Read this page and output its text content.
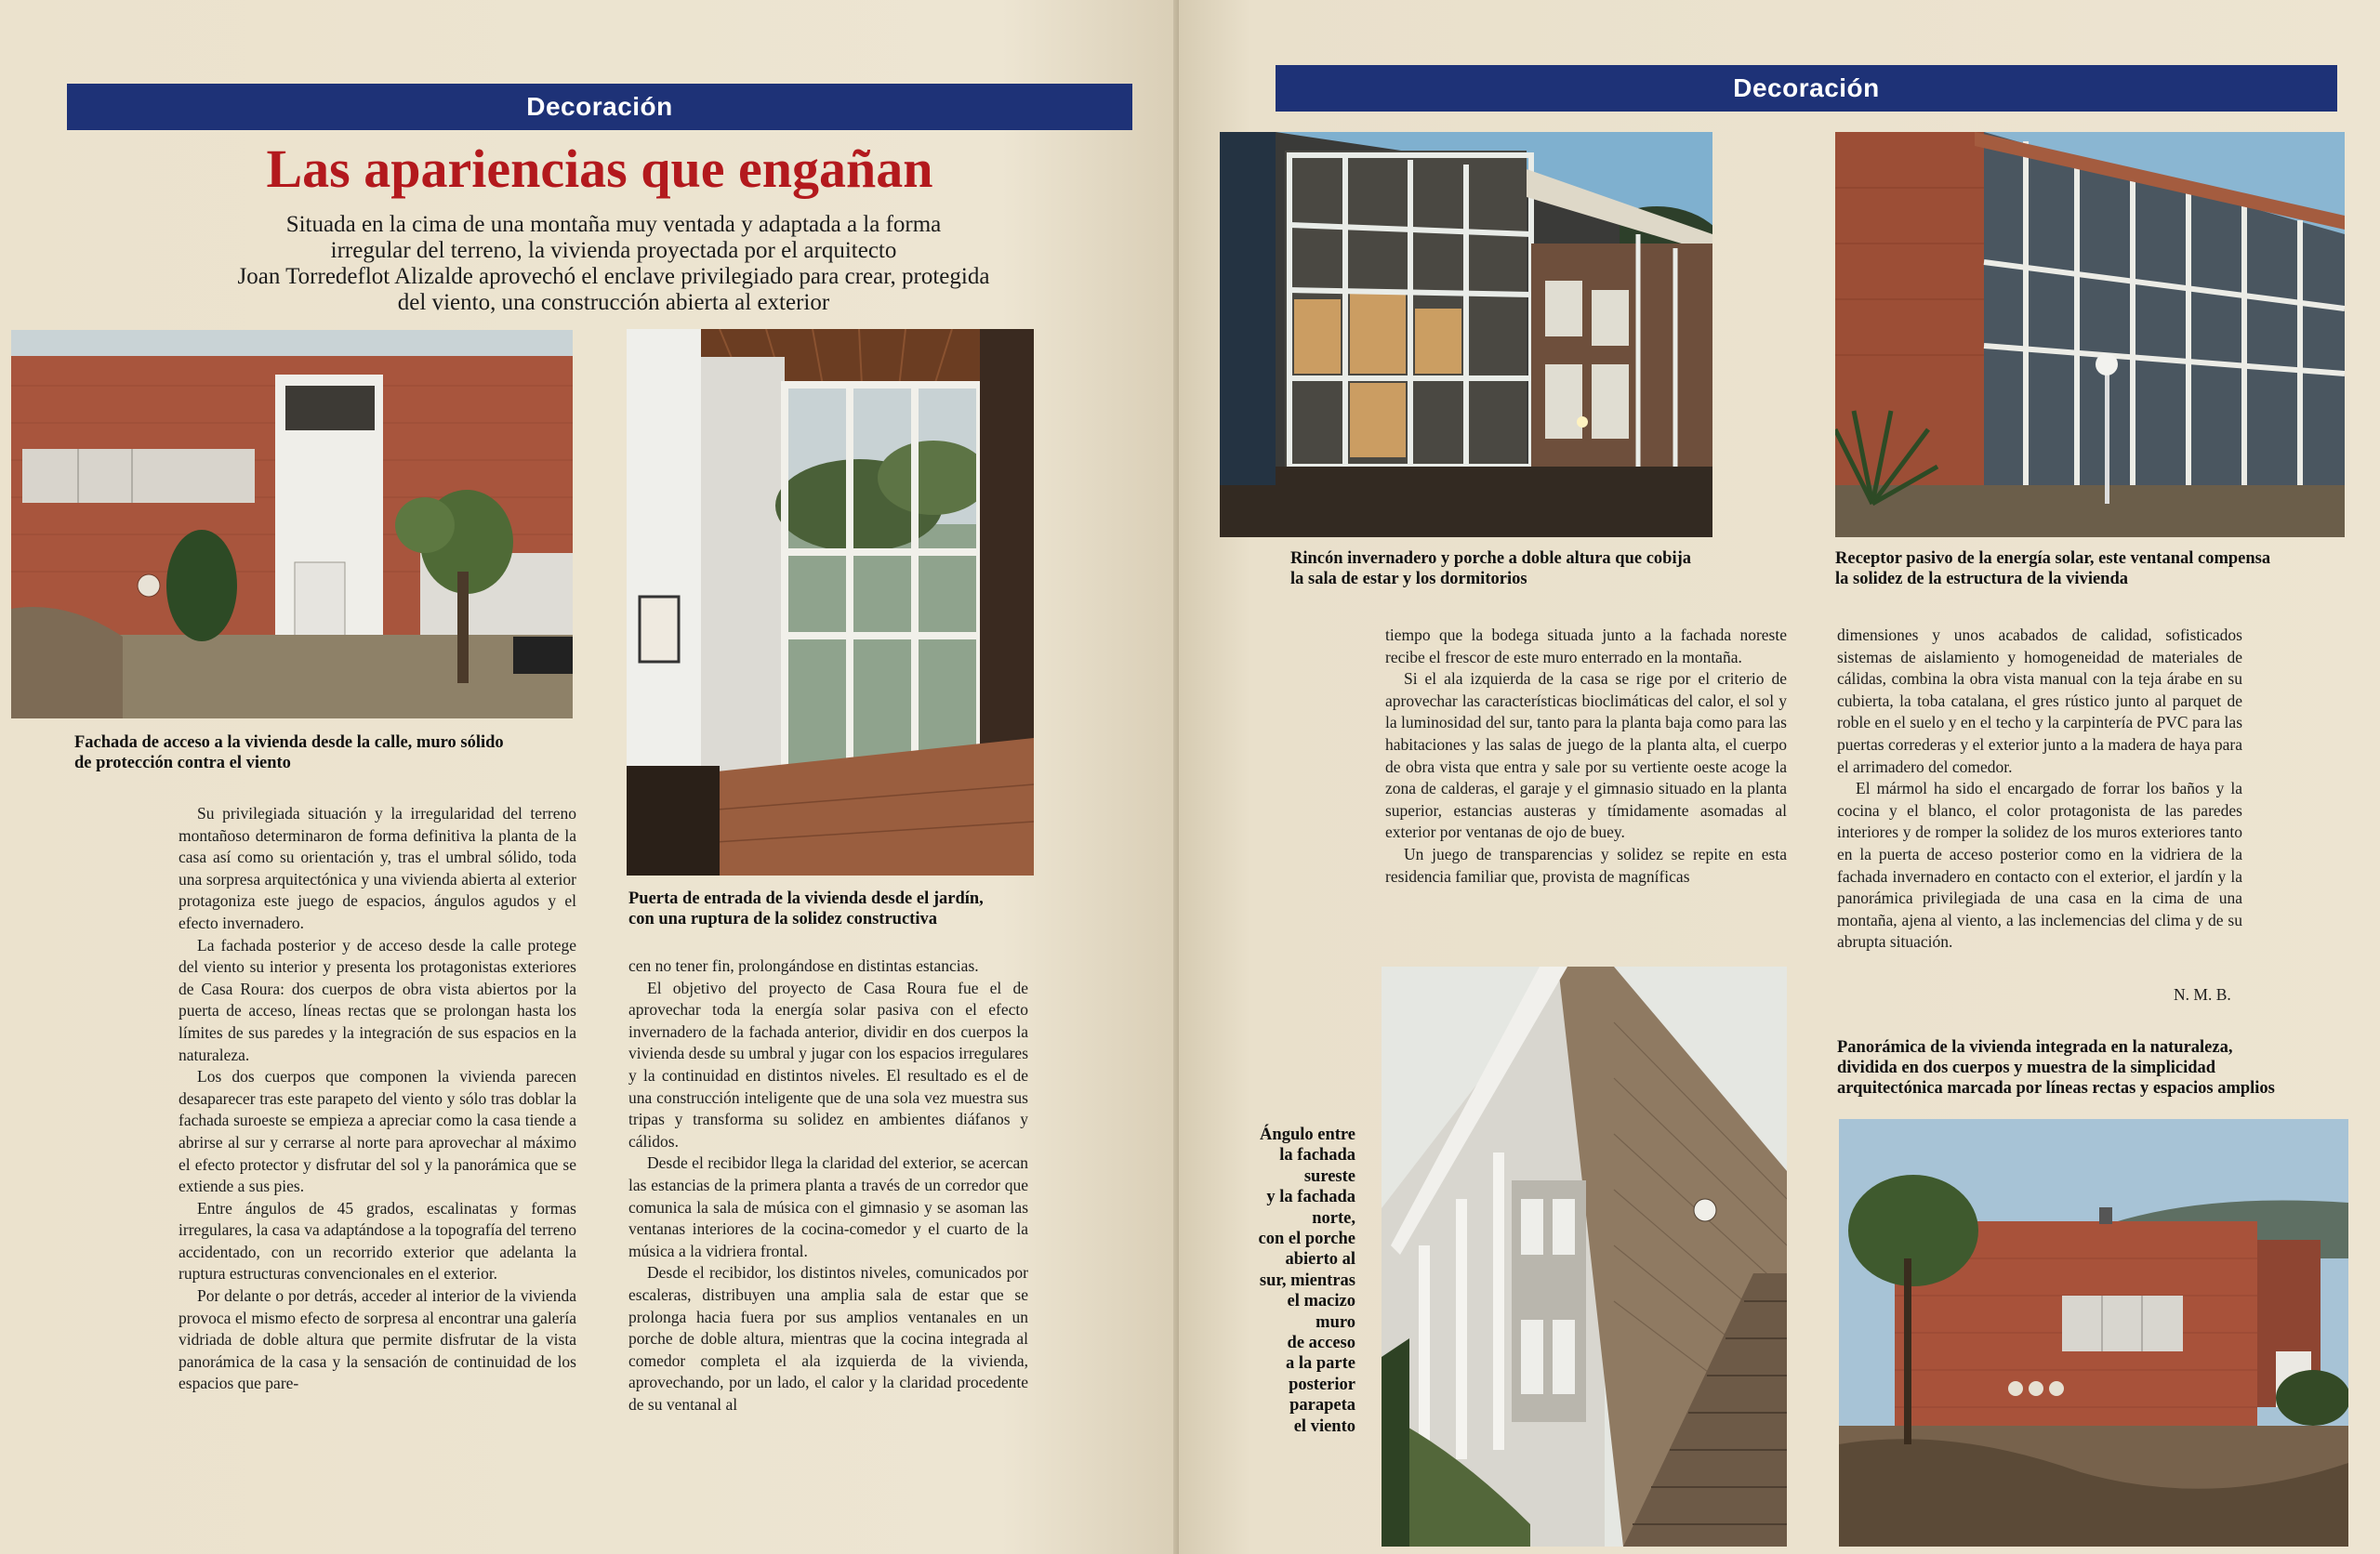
Decoración
Las apariencias que engañan
Situada en la cima de una montaña muy ventada y adaptada a la forma
irregular del terreno, la vivienda proyectada por el arquitecto
Joan Torredeflot Alizalde aprovechó el enclave privilegiado para crear, protegida
del viento, una construcción abierta al exterior
Fachada de acceso a la vivienda desde la calle, muro sólido
de protección contra el viento
Puerta de entrada de la vivienda desde el jardín,
con una ruptura de la solidez constructiva

Su privilegiada situación y la irregularidad del terreno montañoso determinaron de forma definitiva la planta de la casa así como su orientación y, tras el umbral sólido, toda una sorpresa arquitectónica y una vivienda abierta al exterior protagoniza este juego de espacios, ángulos agudos y el efecto invernadero.

La fachada posterior y de acceso desde la calle protege del viento su interior y presenta los protagonistas exteriores de Casa Roura: dos cuerpos de obra vista abiertos por la puerta de acceso, líneas rectas que se prolongan hasta los límites de sus paredes y la integración de sus espacios en la naturaleza.

Los dos cuerpos que componen la vivienda parecen desaparecer tras este parapeto del viento y sólo tras doblar la fachada suroeste se empieza a apreciar como la casa tiende a abrirse al sur y cerrarse al norte para aprovechar al máximo el efecto protector y disfrutar del sol y la panorámica que se extiende a sus pies.

Entre ángulos de 45 grados, escalinatas y formas irregulares, la casa va adaptándose a la topografía del terreno accidentado, con un recorrido exterior que adelanta la ruptura estructuras convencionales en el exterior.

Por delante o por detrás, acceder al interior de la vivienda provoca el mismo efecto de sorpresa al encontrar una galería vidriada de doble altura que permite disfrutar de la vista panorámica de la casa y la sensación de continuidad de los espacios que pare-

cen no tener fin, prolongándose en distintas estancias.

El objetivo del proyecto de Casa Roura fue el de aprovechar toda la energía solar pasiva con el efecto invernadero de la fachada anterior, dividir en dos cuerpos la vivienda desde su umbral y jugar con los espacios irregulares y la continuidad en distintos niveles. El resultado es el de una construcción inteligente que de una sola vez muestra sus tripas y transforma su solidez en ambientes diáfanos y cálidos.

Desde el recibidor llega la claridad del exterior, se acercan las estancias de la primera planta a través de un corredor que comunica la sala de música con el gimnasio y se asoman las ventanas interiores de la cocina-comedor y el cuarto de la música a la vidriera frontal.

Desde el recibidor, los distintos niveles, comunicados por escaleras, distribuyen una amplia sala de estar que se prolonga hacia fuera por sus amplios ventanales en un porche de doble altura, mientras que la cocina integrada al comedor completa el ala izquierda de la vivienda, aprovechando, por un lado, el calor y la claridad procedente de su ventanal al

Decoración
Rincón invernadero y porche a doble altura que cobija
la sala de estar y los dormitorios
Receptor pasivo de la energía solar, este ventanal compensa
la solidez de la estructura de la vivienda

tiempo que la bodega situada junto a la fachada noreste recibe el frescor de este muro enterrado en la montaña.

Si el ala izquierda de la casa se rige por el criterio de aprovechar las características bioclimáticas del calor, el sol y la luminosidad del sur, tanto para la planta baja como para las habitaciones y las salas de juego de la planta alta, el cuerpo de obra vista que entra y sale por su vertiente oeste acoge la zona de calderas, el garaje y el gimnasio situado en la planta superior, estancias austeras y tímidamente asomadas al exterior por ventanas de ojo de buey.

Un juego de transparencias y solidez se repite en esta residencia familiar que, provista de magníficas

dimensiones y unos acabados de calidad, sofisticados sistemas de aislamiento y homogeneidad de materiales de cálidas, combina la obra vista manual con la teja árabe en su cubierta, la toba catalana, el gres rústico junto al parquet de roble en el suelo y en el techo y la carpintería de PVC para las puertas correderas y el exterior junto a la madera de haya para el arrimadero del comedor.

El mármol ha sido el encargado de forrar los baños y la cocina y el blanco, el color protagonista de las paredes interiores y de romper la solidez de los muros exteriores tanto en la puerta de acceso posterior como en la vidriera de la fachada invernadero en contacto con el exterior, el jardín y la panorámica privilegiada de una casa en la cima de una montaña, ajena al viento, a las inclemencias del clima y de su abrupta situación.

N. M. B.
Panorámica de la vivienda integrada en la naturaleza,
dividida en dos cuerpos y muestra de la simplicidad
arquitectónica marcada por líneas rectas y espacios amplios
Ángulo entre
la fachada
sureste
y la fachada
norte,
con el porche
abierto al
sur, mientras
el macizo
muro
de acceso
a la parte
posterior
parapeta
el viento
